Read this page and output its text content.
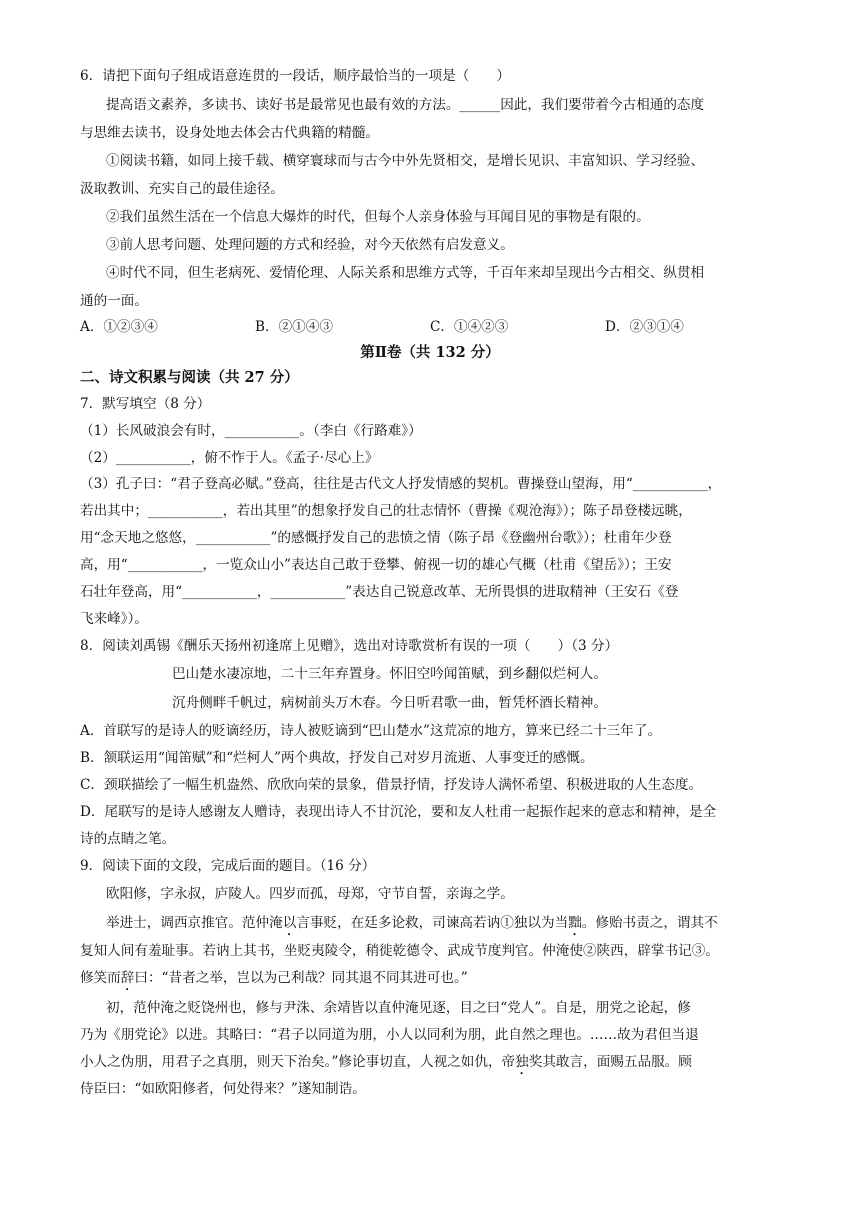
6．请把下面句子组成语意连贯的一段话，顺序最恰当的一项是（　　）
提高语文素养，多读书、读好书是最常见也最有效的方法。______因此，我们要带着今古相通的态度
与思维去读书，设身处地去体会古代典籍的精髓。
①阅读书籍，如同上接千载、横穿寰球而与古今中外先贤相交，是增长见识、丰富知识、学习经验、
汲取教训、充实自己的最佳途径。
②我们虽然生活在一个信息大爆炸的时代，但每个人亲身体验与耳闻目见的事物是有限的。
③前人思考问题、处理问题的方式和经验，对今天依然有启发意义。
④时代不同，但生老病死、爱情伦理、人际关系和思维方式等，千百年来却呈现出今古相交、纵贯相
通的一面。
A．①②③④	B．②①④③	C．①④②③	D．②③①④
第Ⅱ卷（共 132 分）
二、诗文积累与阅读（共 27 分）
7．默写填空（8 分）
（1）长风破浪会有时，___________。（李白《行路难》）
（2）___________，俯不怍于人。《孟子·尽心上》
（3）孔子曰：“君子登高必赋。”登高，往往是古代文人抒发情感的契机。曹操登山望海，用“___________，
若出其中；___________，若出其里”的想象抒发自己的壮志情怀（曹操《观沧海》）；陈子昂登楼远眺，
用“念天地之悠悠，___________”的感慨抒发自己的悲愤之情（陈子昂《登幽州台歌》）；杜甫年少登
高，用“___________，一览众山小”表达自己敢于登攀、俯视一切的雄心气概（杜甫《望岳》）；王安
石壮年登高，用“___________，___________”表达自己锐意改革、无所畏惧的进取精神（王安石《登
飞来峰》）。
8．阅读刘禹锡《酬乐天扬州初逢席上见赠》，选出对诗歌赏析有误的一项（　　）（3 分）
巴山楚水凄凉地，二十三年弃置身。怀旧空吟闻笛赋，到乡翻似烂柯人。
沉舟侧畔千帆过，病树前头万木春。今日听君歌一曲，暂凭杯酒长精神。
A．首联写的是诗人的贬谪经历，诗人被贬谪到“巴山楚水”这荒凉的地方，算来已经二十三年了。
B．颔联运用“闻笛赋”和“烂柯人”两个典故，抒发自己对岁月流逝、人事变迁的感慨。
C．颈联描绘了一幅生机盎然、欣欣向荣的景象，借景抒情，抒发诗人满怀希望、积极进取的人生态度。
D．尾联写的是诗人感谢友人赠诗，表现出诗人不甘沉沦，要和友人杜甫一起振作起来的意志和精神，是全
诗的点睛之笔。
9．阅读下面的文段，完成后面的题目。（16 分）
欧阳修，字永叔，庐陵人。四岁而孤，母郑，守节自誓，亲诲之学。
举进士，调西京推官。范仲淹以言事贬，在廷多论救，司谏高若讷①独以为当黜。修贻书责之，谓其不
复知人间有羞耻事。若讷上其书，坐贬夷陵令，稍徙乾德令、武成节度判官。仲淹使②陕西，辟掌书记③。
修笑而辞曰：“昔者之举，岂以为己利哉？同其退不同其进可也。”
初，范仲淹之贬饶州也，修与尹洙、余靖皆以直仲淹见逐，目之曰“党人”。自是，朋党之论起，修
乃为《朋党论》以进。其略曰：“君子以同道为朋，小人以同利为朋，此自然之理也。……故为君但当退
小人之伪朋，用君子之真朋，则天下治矣。”修论事切直，人视之如仇，帝独奖其敢言，面赐五品服。顾
侍臣曰：“如欧阳修者，何处得来？”遂知制诰。
